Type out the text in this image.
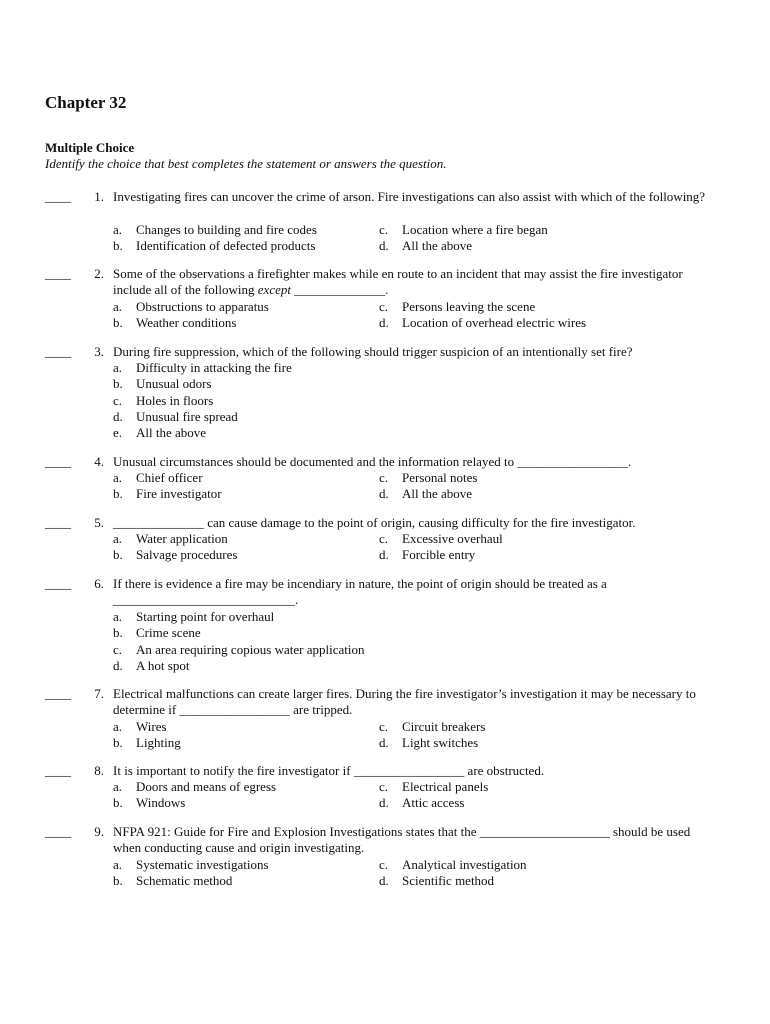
Chapter 32
Multiple Choice
Identify the choice that best completes the statement or answers the question.
____	1. Investigating fires can uncover the crime of arson. Fire investigations can also assist with which of the following?
a. Changes to building and fire codes
b. Identification of defected products
c. Location where a fire began
d. All the above
____	2. Some of the observations a firefighter makes while en route to an incident that may assist the fire investigator include all of the following except ______________.
a. Obstructions to apparatus
b. Weather conditions
c. Persons leaving the scene
d. Location of overhead electric wires
____	3. During fire suppression, which of the following should trigger suspicion of an intentionally set fire?
a. Difficulty in attacking the fire
b. Unusual odors
c. Holes in floors
d. Unusual fire spread
e. All the above
____	4. Unusual circumstances should be documented and the information relayed to _________________.
a. Chief officer
b. Fire investigator
c. Personal notes
d. All the above
____	5. ______________ can cause damage to the point of origin, causing difficulty for the fire investigator.
a. Water application
b. Salvage procedures
c. Excessive overhaul
d. Forcible entry
____	6. If there is evidence a fire may be incendiary in nature, the point of origin should be treated as a ____________________________.
a. Starting point for overhaul
b. Crime scene
c. An area requiring copious water application
d. A hot spot
____	7. Electrical malfunctions can create larger fires. During the fire investigator’s investigation it may be necessary to determine if _________________ are tripped.
a. Wires
b. Lighting
c. Circuit breakers
d. Light switches
____	8. It is important to notify the fire investigator if _________________ are obstructed.
a. Doors and means of egress
b. Windows
c. Electrical panels
d. Attic access
____	9. NFPA 921: Guide for Fire and Explosion Investigations states that the ____________________ should be used when conducting cause and origin investigating.
a. Systematic investigations
b. Schematic method
c. Analytical investigation
d. Scientific method
